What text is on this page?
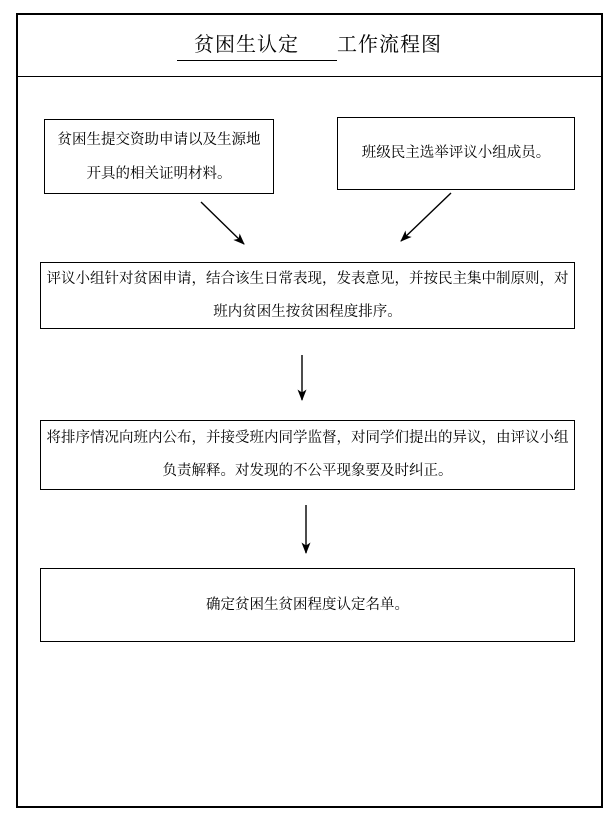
贫困生认定 工作流程图
贫困生提交资助申请以及生源地
开具的相关证明材料。
班级民主选举评议小组成员。
评议小组针对贫困申请，结合该生日常表现，发表意见，并按民主集中制原则，对
班内贫困生按贫困程度排序。
将排序情况向班内公布，并接受班内同学监督，对同学们提出的异议，由评议小组
负责解释。对发现的不公平现象要及时纠正。
确定贫困生贫困程度认定名单。
